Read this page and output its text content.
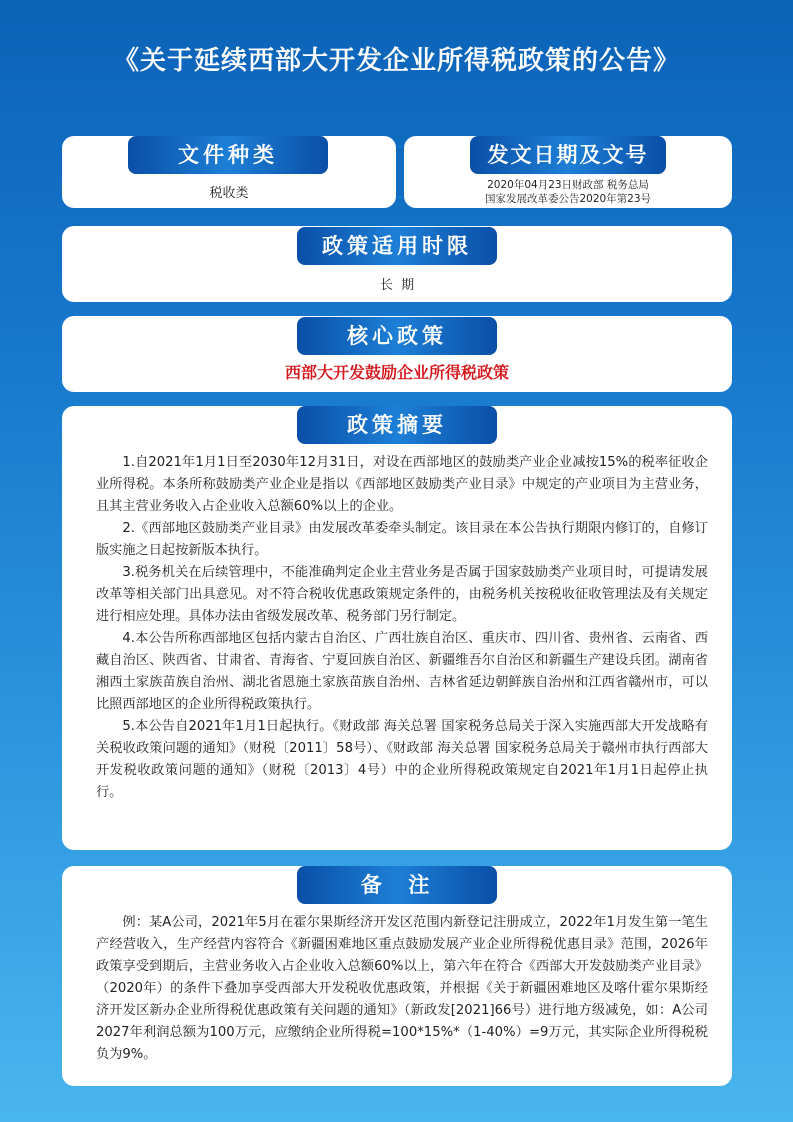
《关于延续西部大开发企业所得税政策的公告》
文件种类
税收类
发文日期及文号
2020年04月23日财政部 税务总局
国家发展改革委公告2020年第23号
政策适用时限
长  期
核心政策
西部大开发鼓励企业所得税政策
政策摘要

1.自2021年1月1日至2030年12月31日，对设在西部地区的鼓励类产业企业减按15%的税率征收企业所得税。本条所称鼓励类产业企业是指以《西部地区鼓励类产业目录》中规定的产业项目为主营业务，且其主营业务收入占企业收入总额60%以上的企业。

2.《西部地区鼓励类产业目录》由发展改革委牵头制定。该目录在本公告执行期限内修订的，自修订版实施之日起按新版本执行。

3.税务机关在后续管理中，不能准确判定企业主营业务是否属于国家鼓励类产业项目时，可提请发展改革等相关部门出具意见。对不符合税收优惠政策规定条件的，由税务机关按税收征收管理法及有关规定进行相应处理。具体办法由省级发展改革、税务部门另行制定。

4.本公告所称西部地区包括内蒙古自治区、广西壮族自治区、重庆市、四川省、贵州省、云南省、西藏自治区、陕西省、甘肃省、青海省、宁夏回族自治区、新疆维吾尔自治区和新疆生产建设兵团。湖南省湘西土家族苗族自治州、湖北省恩施土家族苗族自治州、吉林省延边朝鲜族自治州和江西省赣州市，可以比照西部地区的企业所得税政策执行。

5.本公告自2021年1月1日起执行。《财政部 海关总署 国家税务总局关于深入实施西部大开发战略有关税收政策问题的通知》（财税〔2011〕58号）、《财政部 海关总署 国家税务总局关于赣州市执行西部大开发税收政策问题的通知》（财税〔2013〕4号）中的企业所得税政策规定自2021年1月1日起停止执行。

备  注

例：某A公司，2021年5月在霍尔果斯经济开发区范围内新登记注册成立，2022年1月发生第一笔生产经营收入，生产经营内容符合《新疆困难地区重点鼓励发展产业企业所得税优惠目录》范围，2026年政策享受到期后，主营业务收入占企业收入总额60%以上，第六年在符合《西部大开发鼓励类产业目录》（2020年）的条件下叠加享受西部大开发税收优惠政策，并根据《关于新疆困难地区及喀什霍尔果斯经济开发区新办企业所得税优惠政策有关问题的通知》（新政发[2021]66号）进行地方级减免，如：A公司2027年利润总额为100万元，应缴纳企业所得税=100*15%*（1-40%）=9万元，其实际企业所得税税负为9%。
